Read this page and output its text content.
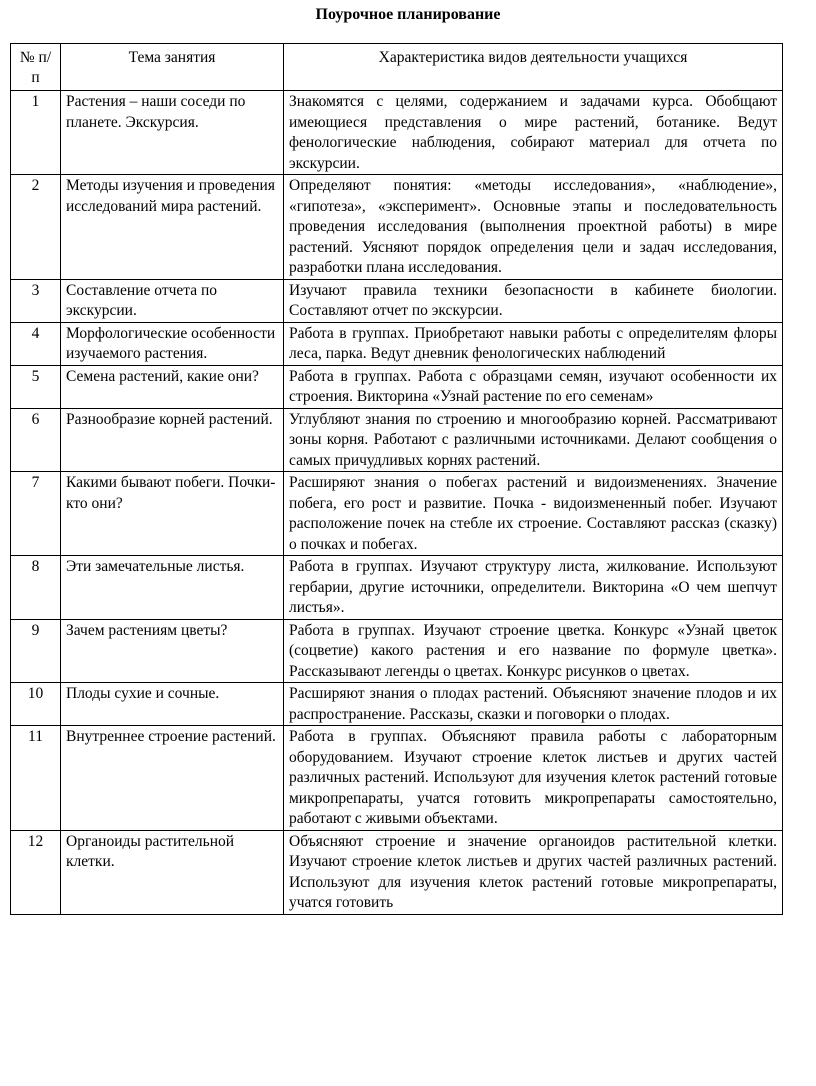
Поурочное планирование
№ п/п	Тема занятия	Характеристика видов деятельности учащихся
1	Растения – наши соседи по планете. Экскурсия.	Знакомятся с целями, содержанием и задачами курса. Обобщают имеющиеся представления о мире растений, ботанике. Ведут фенологические наблюдения, собирают материал для отчета по экскурсии.
2	Методы изучения и проведения исследований мира растений.	Определяют понятия: «методы исследования», «наблюдение», «гипотеза», «эксперимент». Основные этапы и последовательность проведения исследования (выполнения проектной работы) в мире растений. Уясняют порядок определения цели и задач исследования, разработки плана исследования.
3	Составление отчета по экскурсии.	Изучают правила техники безопасности в кабинете биологии. Составляют отчет по экскурсии.
4	Морфологические особенности изучаемого растения.	Работа в группах. Приобретают навыки работы с определителям флоры леса, парка. Ведут дневник фенологических наблюдений
5	Семена растений, какие они?	Работа в группах. Работа с образцами семян, изучают особенности их строения. Викторина «Узнай растение по его семенам»
6	Разнообразие корней растений.	Углубляют знания по строению и многообразию корней. Рассматривают зоны корня. Работают с различными источниками. Делают сообщения о самых причудливых корнях растений.
7	Какими бывают побеги. Почки-кто они?	Расширяют знания о побегах растений и видоизменениях. Значение побега, его рост и развитие. Почка - видоизмененный побег. Изучают расположение почек на стебле их строение. Составляют рассказ (сказку) о почках и побегах.
8	Эти замечательные листья.	Работа в группах. Изучают структуру листа, жилкование. Используют гербарии, другие источники, определители. Викторина «О чем шепчут листья».
9	Зачем растениям цветы?	Работа в группах. Изучают строение цветка. Конкурс «Узнай цветок (соцветие) какого растения и его название по формуле цветка». Рассказывают легенды о цветах. Конкурс рисунков о цветах.
10	Плоды сухие и сочные.	Расширяют знания о плодах растений. Объясняют значение плодов и их распространение. Рассказы, сказки и поговорки о плодах.
11	Внутреннее строение растений.	Работа в группах. Объясняют правила работы с лабораторным оборудованием. Изучают строение клеток листьев и других частей различных растений. Используют для изучения клеток растений готовые микропрепараты, учатся готовить микропрепараты самостоятельно, работают с живыми объектами.
12	Органоиды растительной клетки.	Объясняют строение и значение органоидов растительной клетки. Изучают строение клеток листьев и других частей различных растений. Используют для изучения клеток растений готовые микропрепараты, учатся готовить
